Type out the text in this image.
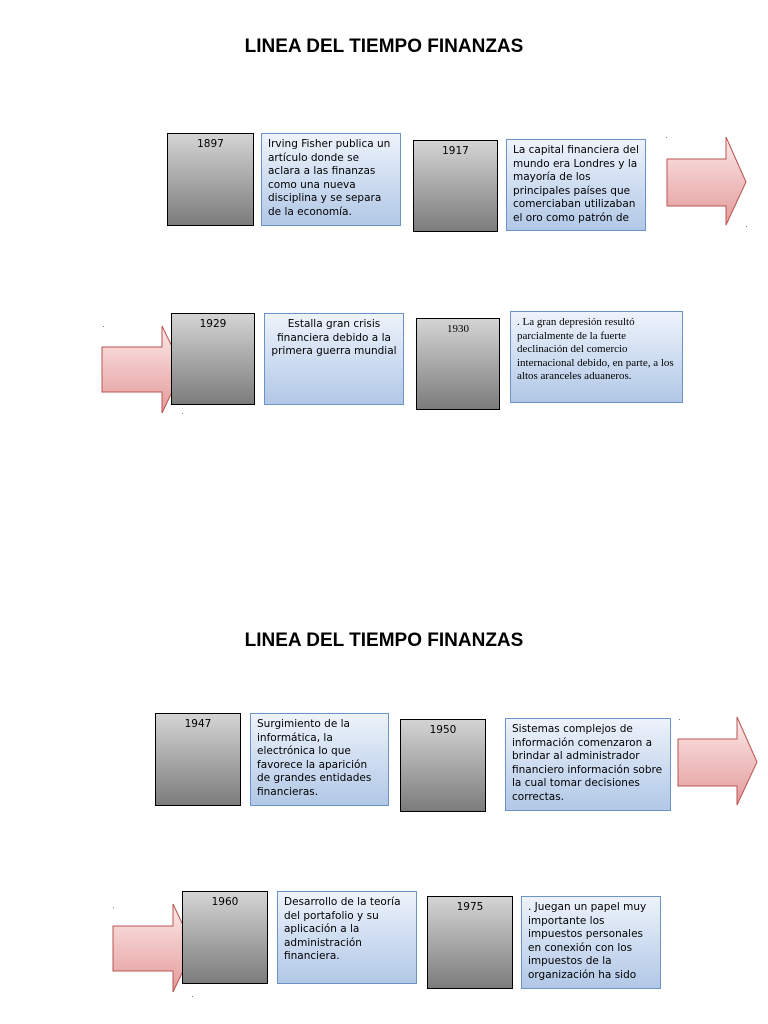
LINEA DEL TIEMPO FINANZAS
1897	Irving Fisher publica un artículo donde se aclara a las finanzas como una nueva disciplina y se separa de la economía.
1917	La capital financiera del mundo era Londres y la mayoría de los principales países que comerciaban utilizaban el oro como patrón de
1929	Estalla gran crisis financiera debido a la primera guerra mundial
1930
. La gran depresión resultó parcialmente de la fuerte declinación del comercio internacional debido, en parte, a los altos aranceles aduaneros.
LINEA DEL TIEMPO FINANZAS
1947	Surgimiento de la informática, la electrónica lo que favorece la aparición de grandes entidades financieras.
1950	Sistemas complejos de información comenzaron a brindar al administrador financiero información sobre la cual tomar decisiones correctas.
1960	Desarrollo de la teoría del portafolio y su aplicación a la administración financiera.
1975	. Juegan un papel muy importante los impuestos personales en conexión con los impuestos de la organización ha sido
